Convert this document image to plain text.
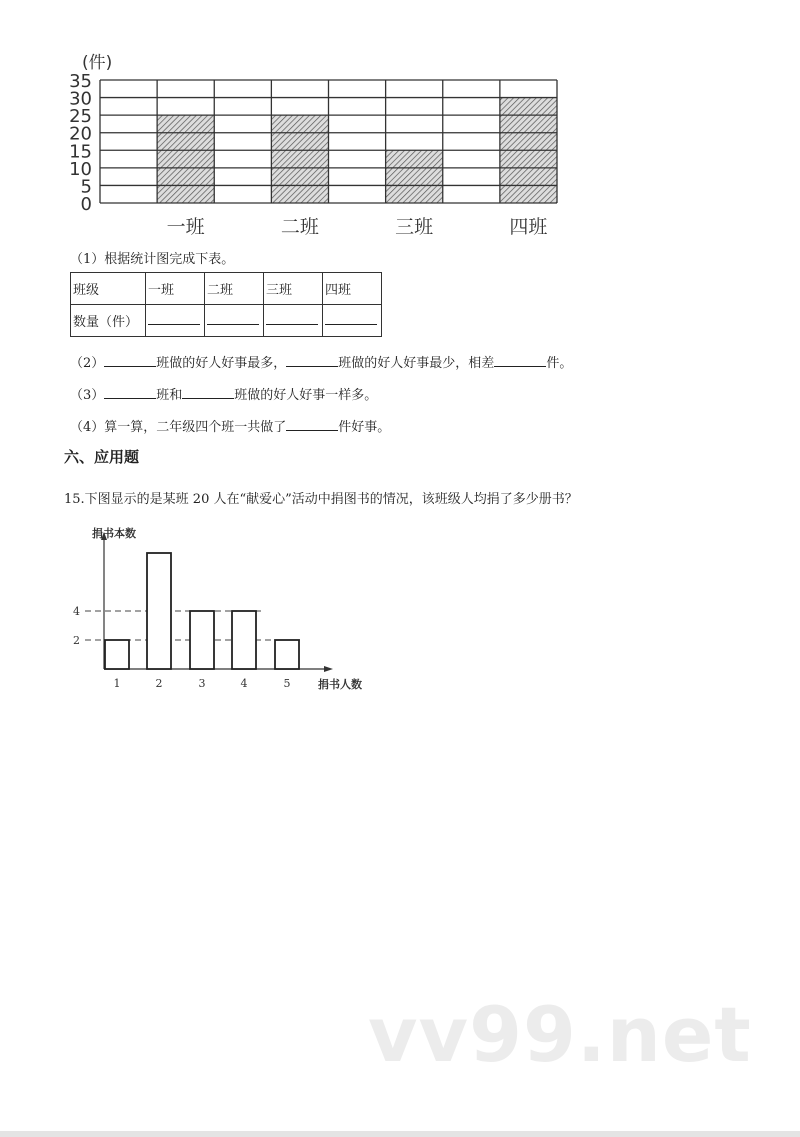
0
5
10
15
20
25
30
35
(件)
一班	二班	三班	四班
（1）根据统计图完成下表。
班级	一班	二班	三班	四班
数量（件）				
（2）	班做的好人好事最多，	班做的好人好事最少，相差	件。
（3）	班和	班做的好人好事一样多。
（4）算一算，二年级四个班一共做了	件好事。
六、应用题
15.下图显示的是某班 20 人在“献爱心”活动中捐图书的情况，该班级人均捐了多少册书？
2
4
1	2	3	4	5
捐书本数
捐书人数
vv99.net
